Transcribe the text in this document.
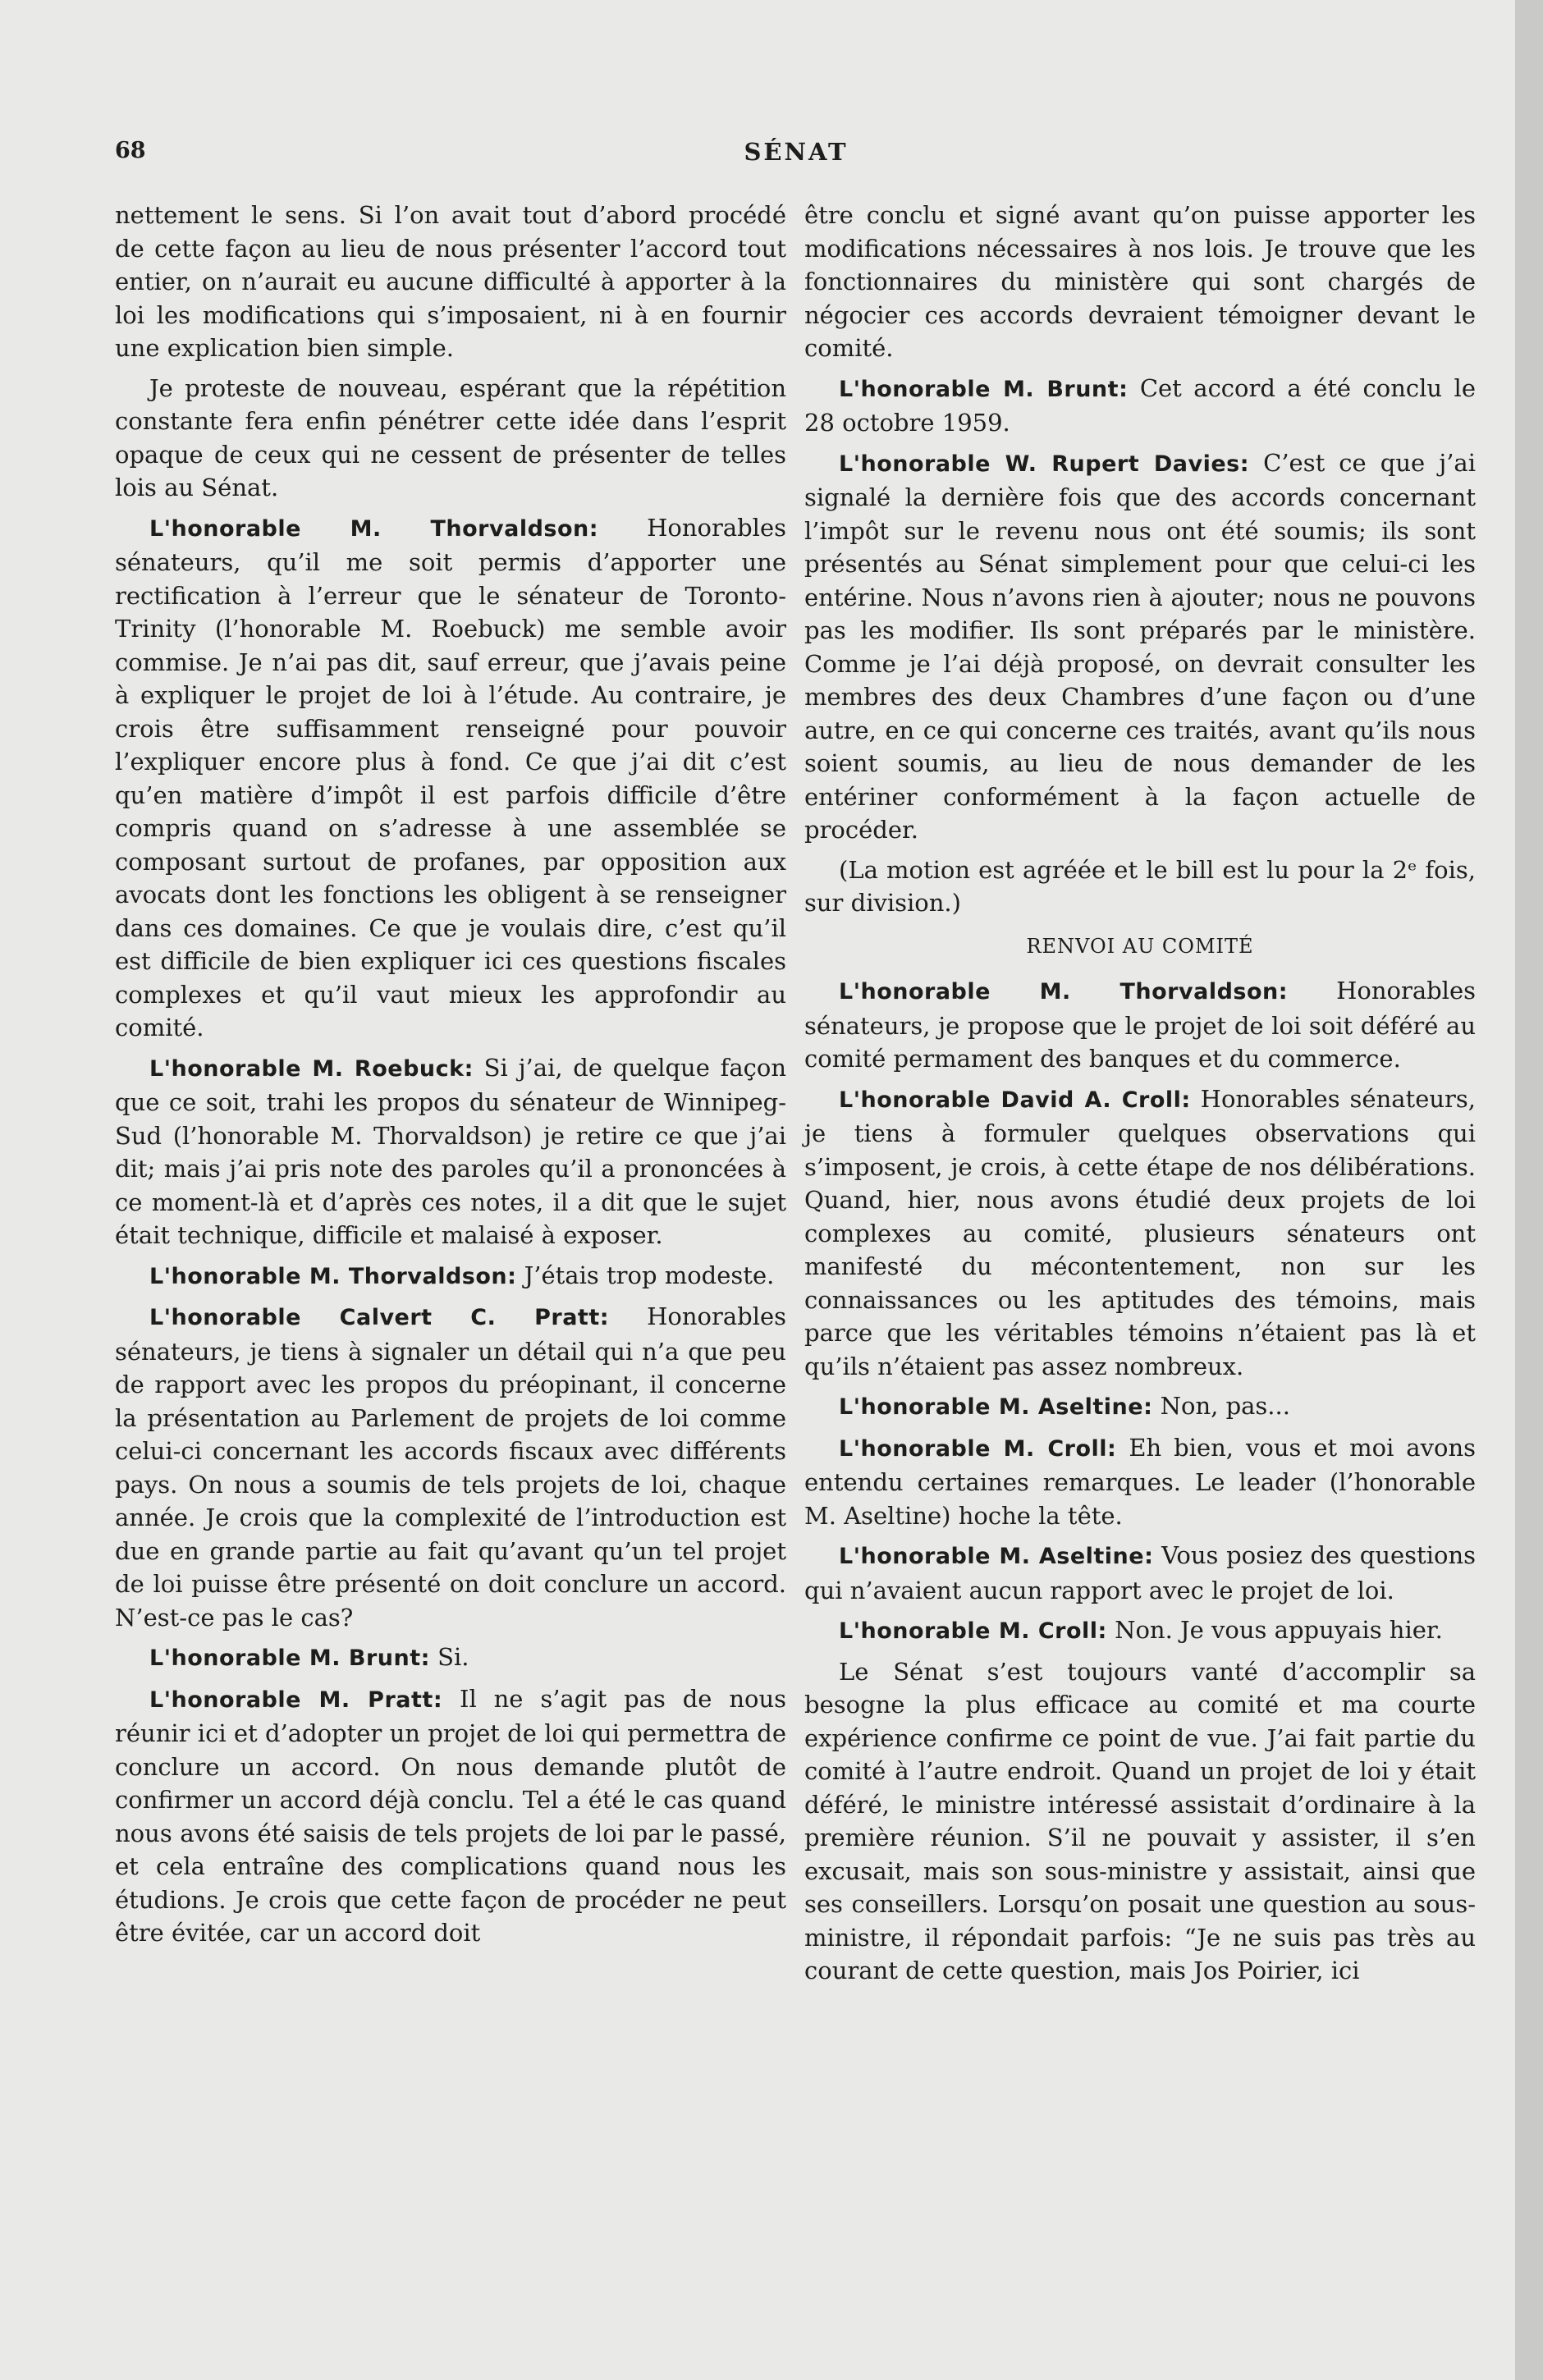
68	SÉNAT

nettement le sens. Si l’on avait tout d’abord procédé de cette façon au lieu de nous présenter l’accord tout entier, on n’aurait eu aucune difficulté à apporter à la loi les modifications qui s’imposaient, ni à en fournir une explication bien simple.

Je proteste de nouveau, espérant que la répétition constante fera enfin pénétrer cette idée dans l’esprit opaque de ceux qui ne cessent de présenter de telles lois au Sénat.

L'honorable M. Thorvaldson: Honorables sénateurs, qu’il me soit permis d’apporter une rectification à l’erreur que le sénateur de Toronto-Trinity (l’honorable M. Roebuck) me semble avoir commise. Je n’ai pas dit, sauf erreur, que j’avais peine à expliquer le projet de loi à l’étude. Au contraire, je crois être suffisamment renseigné pour pouvoir l’expliquer encore plus à fond. Ce que j’ai dit c’est qu’en matière d’impôt il est parfois difficile d’être compris quand on s’adresse à une assemblée se composant surtout de profanes, par opposition aux avocats dont les fonctions les obligent à se renseigner dans ces domaines. Ce que je voulais dire, c’est qu’il est difficile de bien expliquer ici ces questions fiscales complexes et qu’il vaut mieux les approfondir au comité.

L'honorable M. Roebuck: Si j’ai, de quelque façon que ce soit, trahi les propos du sénateur de Winnipeg-Sud (l’honorable M. Thorvaldson) je retire ce que j’ai dit; mais j’ai pris note des paroles qu’il a prononcées à ce moment-là et d’après ces notes, il a dit que le sujet était technique, difficile et malaisé à exposer.

L'honorable M. Thorvaldson: J’étais trop modeste.

L'honorable Calvert C. Pratt: Honorables sénateurs, je tiens à signaler un détail qui n’a que peu de rapport avec les propos du préopinant, il concerne la présentation au Parlement de projets de loi comme celui-ci concernant les accords fiscaux avec différents pays. On nous a soumis de tels projets de loi, chaque année. Je crois que la complexité de l’introduction est due en grande partie au fait qu’avant qu’un tel projet de loi puisse être présenté on doit conclure un accord. N’est-ce pas le cas?

L'honorable M. Brunt: Si.

L'honorable M. Pratt: Il ne s’agit pas de nous réunir ici et d’adopter un projet de loi qui permettra de conclure un accord. On nous demande plutôt de confirmer un accord déjà conclu. Tel a été le cas quand nous avons été saisis de tels projets de loi par le passé, et cela entraîne des complications quand nous les étudions. Je crois que cette façon de procéder ne peut être évitée, car un accord doit

être conclu et signé avant qu’on puisse apporter les modifications nécessaires à nos lois. Je trouve que les fonctionnaires du ministère qui sont chargés de négocier ces accords devraient témoigner devant le comité.

L'honorable M. Brunt: Cet accord a été conclu le 28 octobre 1959.

L'honorable W. Rupert Davies: C’est ce que j’ai signalé la dernière fois que des accords concernant l’impôt sur le revenu nous ont été soumis; ils sont présentés au Sénat simplement pour que celui-ci les entérine. Nous n’avons rien à ajouter; nous ne pouvons pas les modifier. Ils sont préparés par le ministère. Comme je l’ai déjà proposé, on devrait consulter les membres des deux Chambres d’une façon ou d’une autre, en ce qui concerne ces traités, avant qu’ils nous soient soumis, au lieu de nous demander de les entériner conformément à la façon actuelle de procéder.

(La motion est agréée et le bill est lu pour la 2ᵉ fois, sur division.)

RENVOI AU COMITÉ

L'honorable M. Thorvaldson: Honorables sénateurs, je propose que le projet de loi soit déféré au comité permament des banques et du commerce.

L'honorable David A. Croll: Honorables sénateurs, je tiens à formuler quelques observations qui s’imposent, je crois, à cette étape de nos délibérations. Quand, hier, nous avons étudié deux projets de loi complexes au comité, plusieurs sénateurs ont manifesté du mécontentement, non sur les connaissances ou les aptitudes des témoins, mais parce que les véritables témoins n’étaient pas là et qu’ils n’étaient pas assez nombreux.

L'honorable M. Aseltine: Non, pas...

L'honorable M. Croll: Eh bien, vous et moi avons entendu certaines remarques. Le leader (l’honorable M. Aseltine) hoche la tête.

L'honorable M. Aseltine: Vous posiez des questions qui n’avaient aucun rapport avec le projet de loi.

L'honorable M. Croll: Non. Je vous appuyais hier.

Le Sénat s’est toujours vanté d’accomplir sa besogne la plus efficace au comité et ma courte expérience confirme ce point de vue. J’ai fait partie du comité à l’autre endroit. Quand un projet de loi y était déféré, le ministre intéressé assistait d’ordinaire à la première réunion. S’il ne pouvait y assister, il s’en excusait, mais son sous-ministre y assistait, ainsi que ses conseillers. Lorsqu’on posait une question au sous-ministre, il répondait parfois: “Je ne suis pas très au courant de cette question, mais Jos Poirier, ici
